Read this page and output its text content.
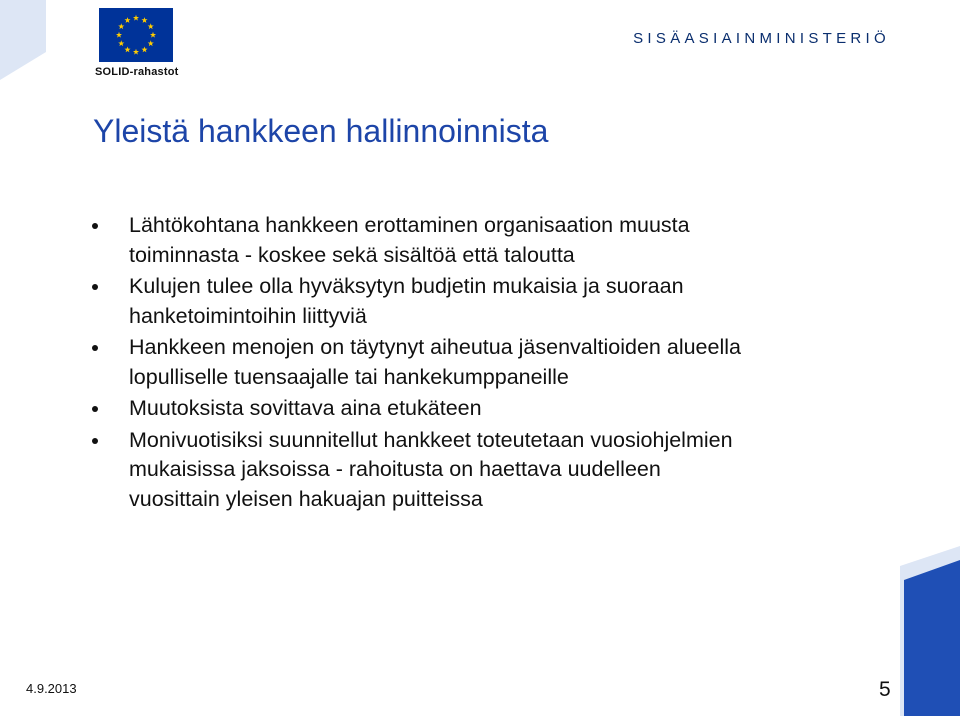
SOLID-rahastot
SISÄASIAINMINISTERIÖ
Yleistä hankkeen hallinnoinnista
Lähtökohtana hankkeen erottaminen organisaation muusta
toiminnasta - koskee sekä sisältöä että taloutta
Kulujen tulee olla hyväksytyn budjetin mukaisia ja suoraan
hanketoimintoihin liittyviä
Hankkeen menojen on täytynyt aiheutua jäsenvaltioiden alueella
lopulliselle tuensaajalle tai hankekumppaneille
Muutoksista sovittava aina etukäteen
Monivuotisiksi suunnitellut hankkeet toteutetaan vuosiohjelmien
mukaisissa jaksoissa - rahoitusta on haettava uudelleen
vuosittain yleisen hakuajan puitteissa
4.9.2013	5
